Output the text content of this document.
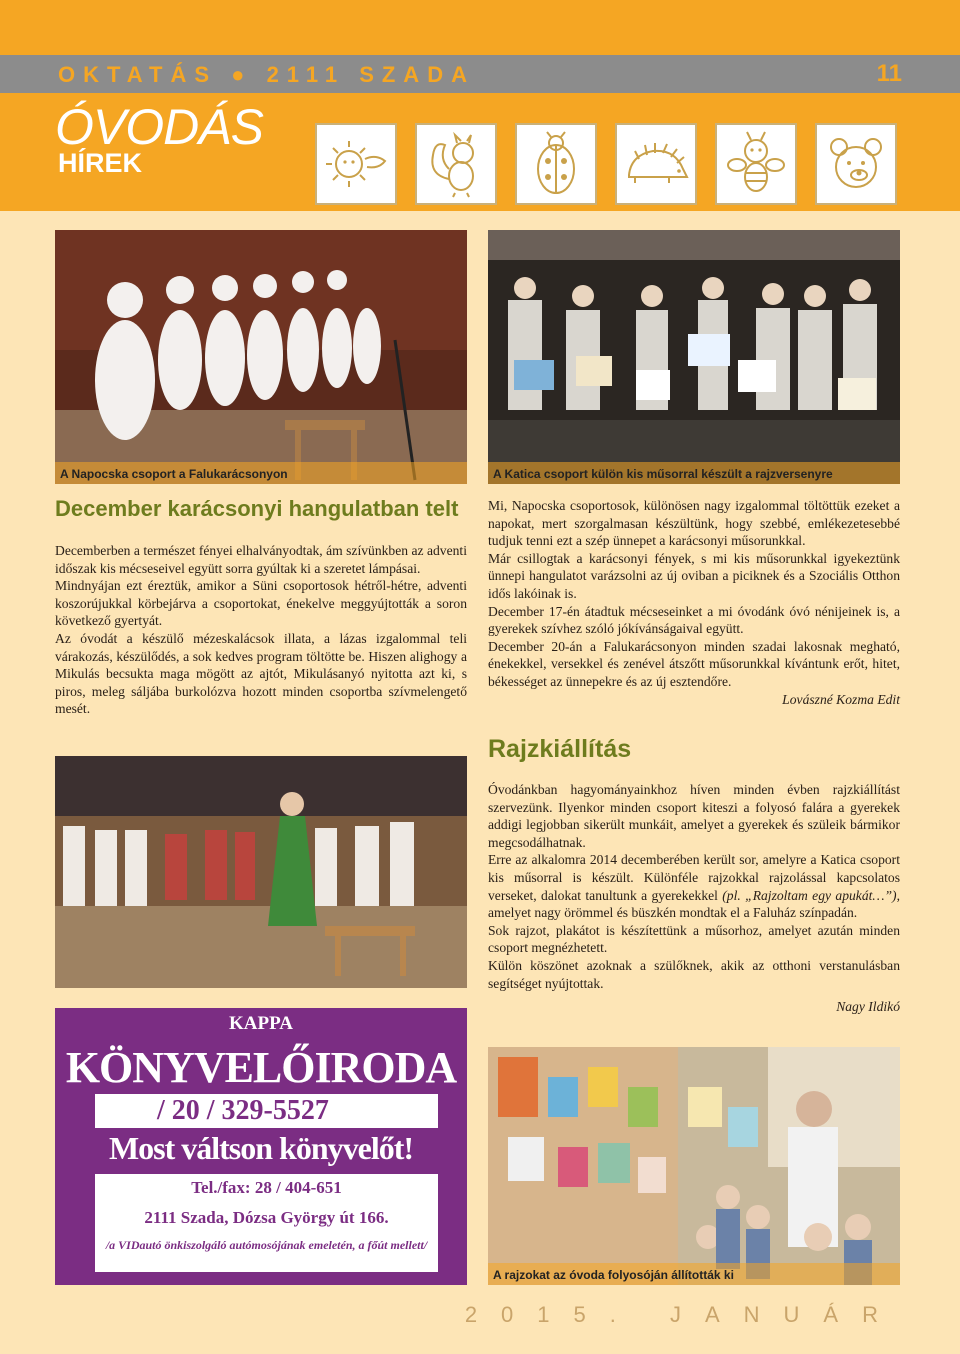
OKTATÁS ● 2111 SZADA	11
ÓVODÁS
HÍREK
A Napocska csoport a Falukarácsonyon	A Katica csoport külön kis műsorral készült a rajzversenyre
December karácsonyi hangulatban telt

Decemberben a természet fényei elhalványodtak, ám szívünkben az adventi időszak kis mécseseivel együtt sorra gyúltak ki a szeretet lámpásai.

Mindnyájan ezt éreztük, amikor a Süni csoportosok hétről-hétre, adventi koszorújukkal körbejárva a csoportokat, énekelve meggyújtották a soron következő gyertyát.

Az óvodát a készülő mézeskalácsok illata, a lázas izgalommal teli várakozás, készülődés, a sok kedves program töltötte be. Hiszen alighogy a Mikulás becsukta maga mögött az ajtót, Mikulásanyó nyitotta azt ki, s piros, meleg sáljába burkolózva hozott minden csoportba szívmelengető mesét.

Mi, Napocska csoportosok, különösen nagy izgalommal töltöttük ezeket a napokat, mert szorgalmasan készültünk, hogy szebbé, emlékezetesebbé tudjuk tenni ezt a szép ünnepet a karácsonyi műsorunkkal.

Már csillogtak a karácsonyi fények, s mi kis műsorunkkal igyekeztünk ünnepi hangulatot varázsolni az új oviban a piciknek és a Szociális Otthon idős lakóinak is.

December 17-én átadtuk mécseseinket a mi óvodánk óvó nénijeinek is, a gyerekek szívhez szóló jókívánságaival együtt.

December 20-án a Falukarácsonyon minden szadai lakosnak megható, énekekkel, versekkel és zenével átszőtt műsorunkkal kívántunk erőt, hitet, békességet az ünnepekre és az új esztendőre.

Lovászné Kozma Edit

Rajzkiállítás

Óvodánkban hagyományainkhoz híven minden évben rajzkiállítást szervezünk. Ilyenkor minden csoport kiteszi a folyosó falára a gyerekek addigi legjobban sikerült munkáit, amelyet a gyerekek és szüleik bármikor megcsodálhatnak.

Erre az alkalomra 2014 decemberében került sor, amelyre a Katica csoport kis műsorral is készült. Különféle rajzokkal rajzolással kapcsolatos verseket, dalokat tanultunk a gyerekekkel (pl. „Rajzoltam egy apukát…”), amelyet nagy örömmel és büszkén mondtak el a Faluház színpadán.

Sok rajzot, plakátot is készítettünk a műsorhoz, amelyet azután minden csoport megnézhetett.

Külön köszönet azoknak a szülőknek, akik az otthoni verstanulásban segítséget nyújtottak.

Nagy Ildikó

KAPPA
KÖNYVELŐIRODA
/ 20 / 329-5527
Most váltson könyvelőt!
Tel./fax: 28 / 404-651
2111 Szada, Dózsa György út 166.
/a VIDautó önkiszolgáló autómosójának emeletén, a főút mellett/
A rajzokat az óvoda folyosóján állították ki
2015. JANUÁR
